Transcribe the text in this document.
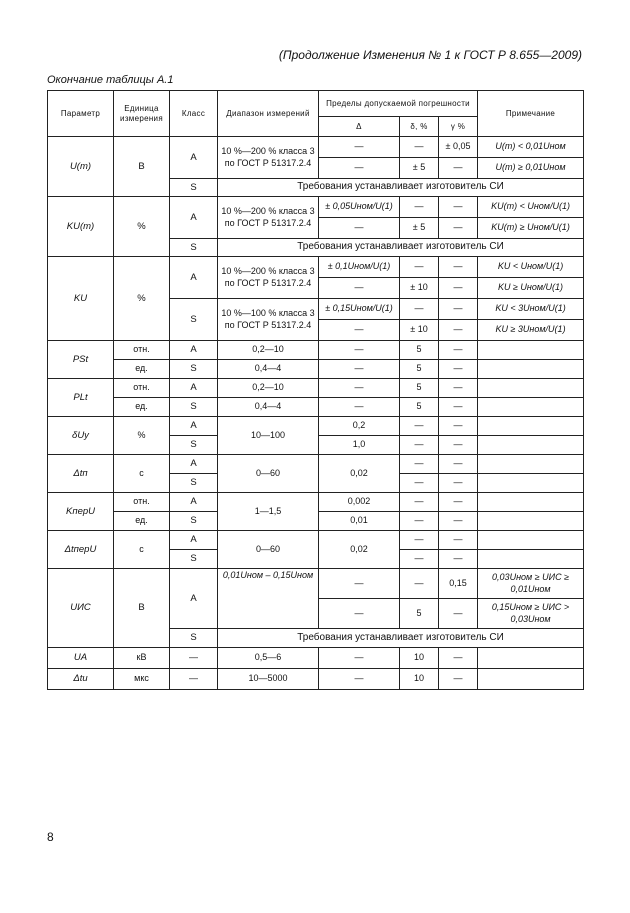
(Продолжение Изменения № 1 к ГОСТ Р 8.655—2009)
Окончание таблицы А.1
Параметр	Единица измерения	Класс	Диапазон измерений	Пределы допускаемой погрешности			Примечание
				Δ	δ, %	γ %	
U(m)	В	A	10 %—200 % класса 3 по ГОСТ Р 51317.2.4	—	—	± 0,05	U(m) < 0,01Uном
				—	± 5	—	U(m) ≥ 0,01Uном
		S	Требования устанавливает изготовитель СИ				
KU(m)	%	A	10 %—200 % класса 3 по ГОСТ Р 51317.2.4	± 0,05Uном/U(1)	—	—	KU(m) < Uном/U(1)
				—	± 5	—	KU(m) ≥ Uном/U(1)
		S	Требования устанавливает изготовитель СИ				
KU	%	A	10 %—200 % класса 3 по ГОСТ Р 51317.2.4	± 0,1Uном/U(1)	—	—	KU < Uном/U(1)
				—	± 10	—	KU ≥ Uном/U(1)
		S	10 %—100 % класса 3 по ГОСТ Р 51317.2.4	± 0,15Uном/U(1)	—	—	KU < 3Uном/U(1)
				—	± 10	—	KU ≥ 3Uном/U(1)
PSt	отн.	A	0,2—10	—	5	—	
	ед.	S	0,4—4	—	5	—	
PLt	отн.	A	0,2—10	—	5	—	
	ед.	S	0,4—4	—	5	—	
δUу	%	A	10—100	0,2	—	—	
		S		1,0	—	—	
Δtп	с	A	0—60	0,02	—	—	
		S			—	—	
KперU	отн.	A	1—1,5	0,002	—	—	
	ед.	S		0,01	—	—	
ΔtперU	с	A	0—60	0,02	—	—	
		S			—	—	
UИС	В	A	0,01Uном – 0,15Uном	—	—	0,15	0,03Uном ≥ UИС ≥ 0,01Uном
				—	5	—	0,15Uном ≥ UИС > 0,03Uном
		S	Требования устанавливает изготовитель СИ				
UA	кВ	—	0,5—6	—	10	—	
Δtи	мкс	—	10—5000	—	10	—	
8
